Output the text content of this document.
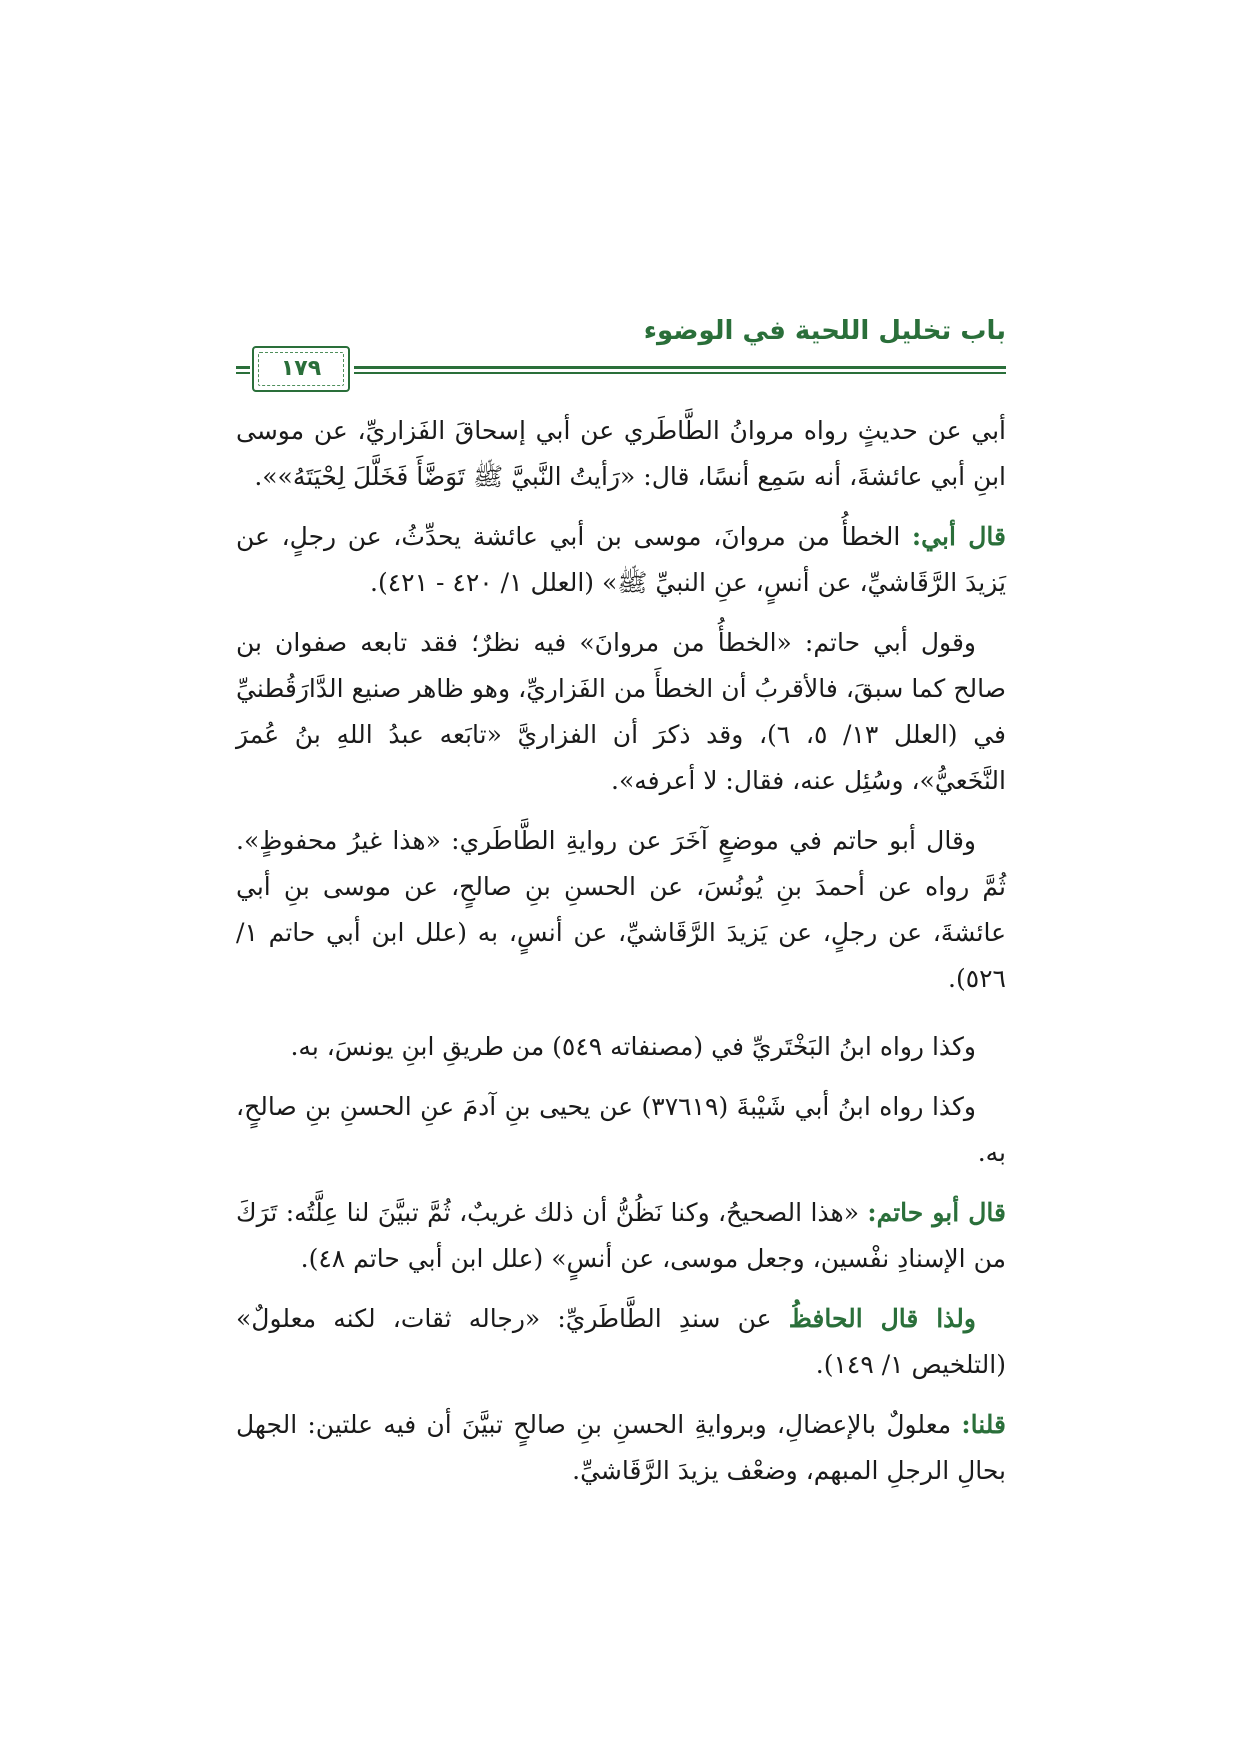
باب تخليل اللحية في الوضوء
١٧٩

أبي عن حديثٍ رواه مروانُ الطَّاطَري عن أبي إسحاقَ الفَزاريِّ، عن موسى ابنِ أبي عائشةَ، أنه سَمِع أنسًا، قال: «رَأيتُ النَّبيَّ ﷺ تَوَضَّأَ فَخَلَّلَ لِحْيَتَهُ»».

قال أبي: الخطأُ من مروانَ، موسى بن أبي عائشة يحدِّثُ، عن رجلٍ، عن يَزيدَ الرَّقَاشيِّ، عن أنسٍ، عنِ النبيِّ ﷺ» (العلل ١/ ٤٢٠ - ٤٢١).

وقول أبي حاتم: «الخطأُ من مروانَ» فيه نظرٌ؛ فقد تابعه صفوان بن صالح كما سبقَ، فالأقربُ أن الخطأَ من الفَزاريِّ، وهو ظاهر صنيع الدَّارَقُطنيِّ في (العلل ١٣/ ٥، ٦)، وقد ذكرَ أن الفزاريَّ «تابَعه عبدُ اللهِ بنُ عُمرَ النَّخَعيُّ»، وسُئِل عنه، فقال: لا أعرفه».

وقال أبو حاتم في موضعٍ آخَرَ عن روايةِ الطَّاطَري: «هذا غيرُ محفوظٍ». ثُمَّ رواه عن أحمدَ بنِ يُونُسَ، عن الحسنِ بنِ صالحٍ، عن موسى بنِ أبي عائشةَ، عن رجلٍ، عن يَزيدَ الرَّقَاشيِّ، عن أنسٍ، به (علل ابن أبي حاتم ١/ ٥٢٦).

وكذا رواه ابنُ البَخْتَريِّ في (مصنفاته ٥٤٩) من طريقِ ابنِ يونسَ، به.

وكذا رواه ابنُ أبي شَيْبةَ (٣٧٦١٩) عن يحيى بنِ آدمَ عنِ الحسنِ بنِ صالحٍ، به.

قال أبو حاتم: «هذا الصحيحُ، وكنا نَظُنُّ أن ذلك غريبٌ، ثُمَّ تبيَّنَ لنا عِلَّتُه: تَرَكَ من الإسنادِ نفْسين، وجعل موسى، عن أنسٍ» (علل ابن أبي حاتم ٤٨).

ولذا قال الحافظُ عن سندِ الطَّاطَريِّ: «رجاله ثقات، لكنه معلولٌ» (التلخيص ١/ ١٤٩).

قلنا: معلولٌ بالإعضالِ، وبروايةِ الحسنِ بنِ صالحٍ تبيَّنَ أن فيه علتين: الجهل بحالِ الرجلِ المبهم، وضعْف يزيدَ الرَّقَاشيِّ.
